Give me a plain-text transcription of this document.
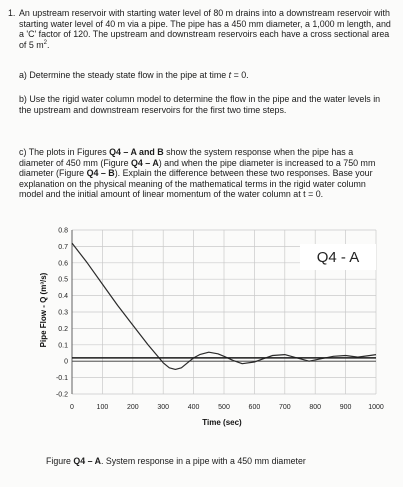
1. An upstream reservoir with starting water level of 80 m drains into a downstream reservoir with starting water level of 40 m via a pipe. The pipe has a 450 mm diameter, a 1,000 m length, and a 'C' factor of 120. The upstream and downstream reservoirs each have a cross sectional area of 5 $m^2$.
a) Determine the steady state flow in the pipe at time t = 0.
b) Use the rigid water column model to determine the flow in the pipe and the water levels in the upstream and downstream reservoirs for the first two time steps.
c) The plots in Figures Q4 – A and B show the system response when the pipe has a diameter of 450 mm (Figure Q4 – A) and when the pipe diameter is increased to a 750 mm diameter (Figure Q4 – B). Explain the difference between these two responses. Base your explanation on the physical meaning of the mathematical terms in the rigid water column model and the initial amount of linear momentum of the water column at t = 0.
0	100	200	300	400	500	600	700	800	900 1000
-0.2
-0.1
0
0.1
0.2
0.3
0.4
0.5
0.6
0.7
0.8
Q4 - A
Time (sec)
Pipe Flow - Q (m³/s)
Figure Q4 – A. System response in a pipe with a 450 mm diameter
